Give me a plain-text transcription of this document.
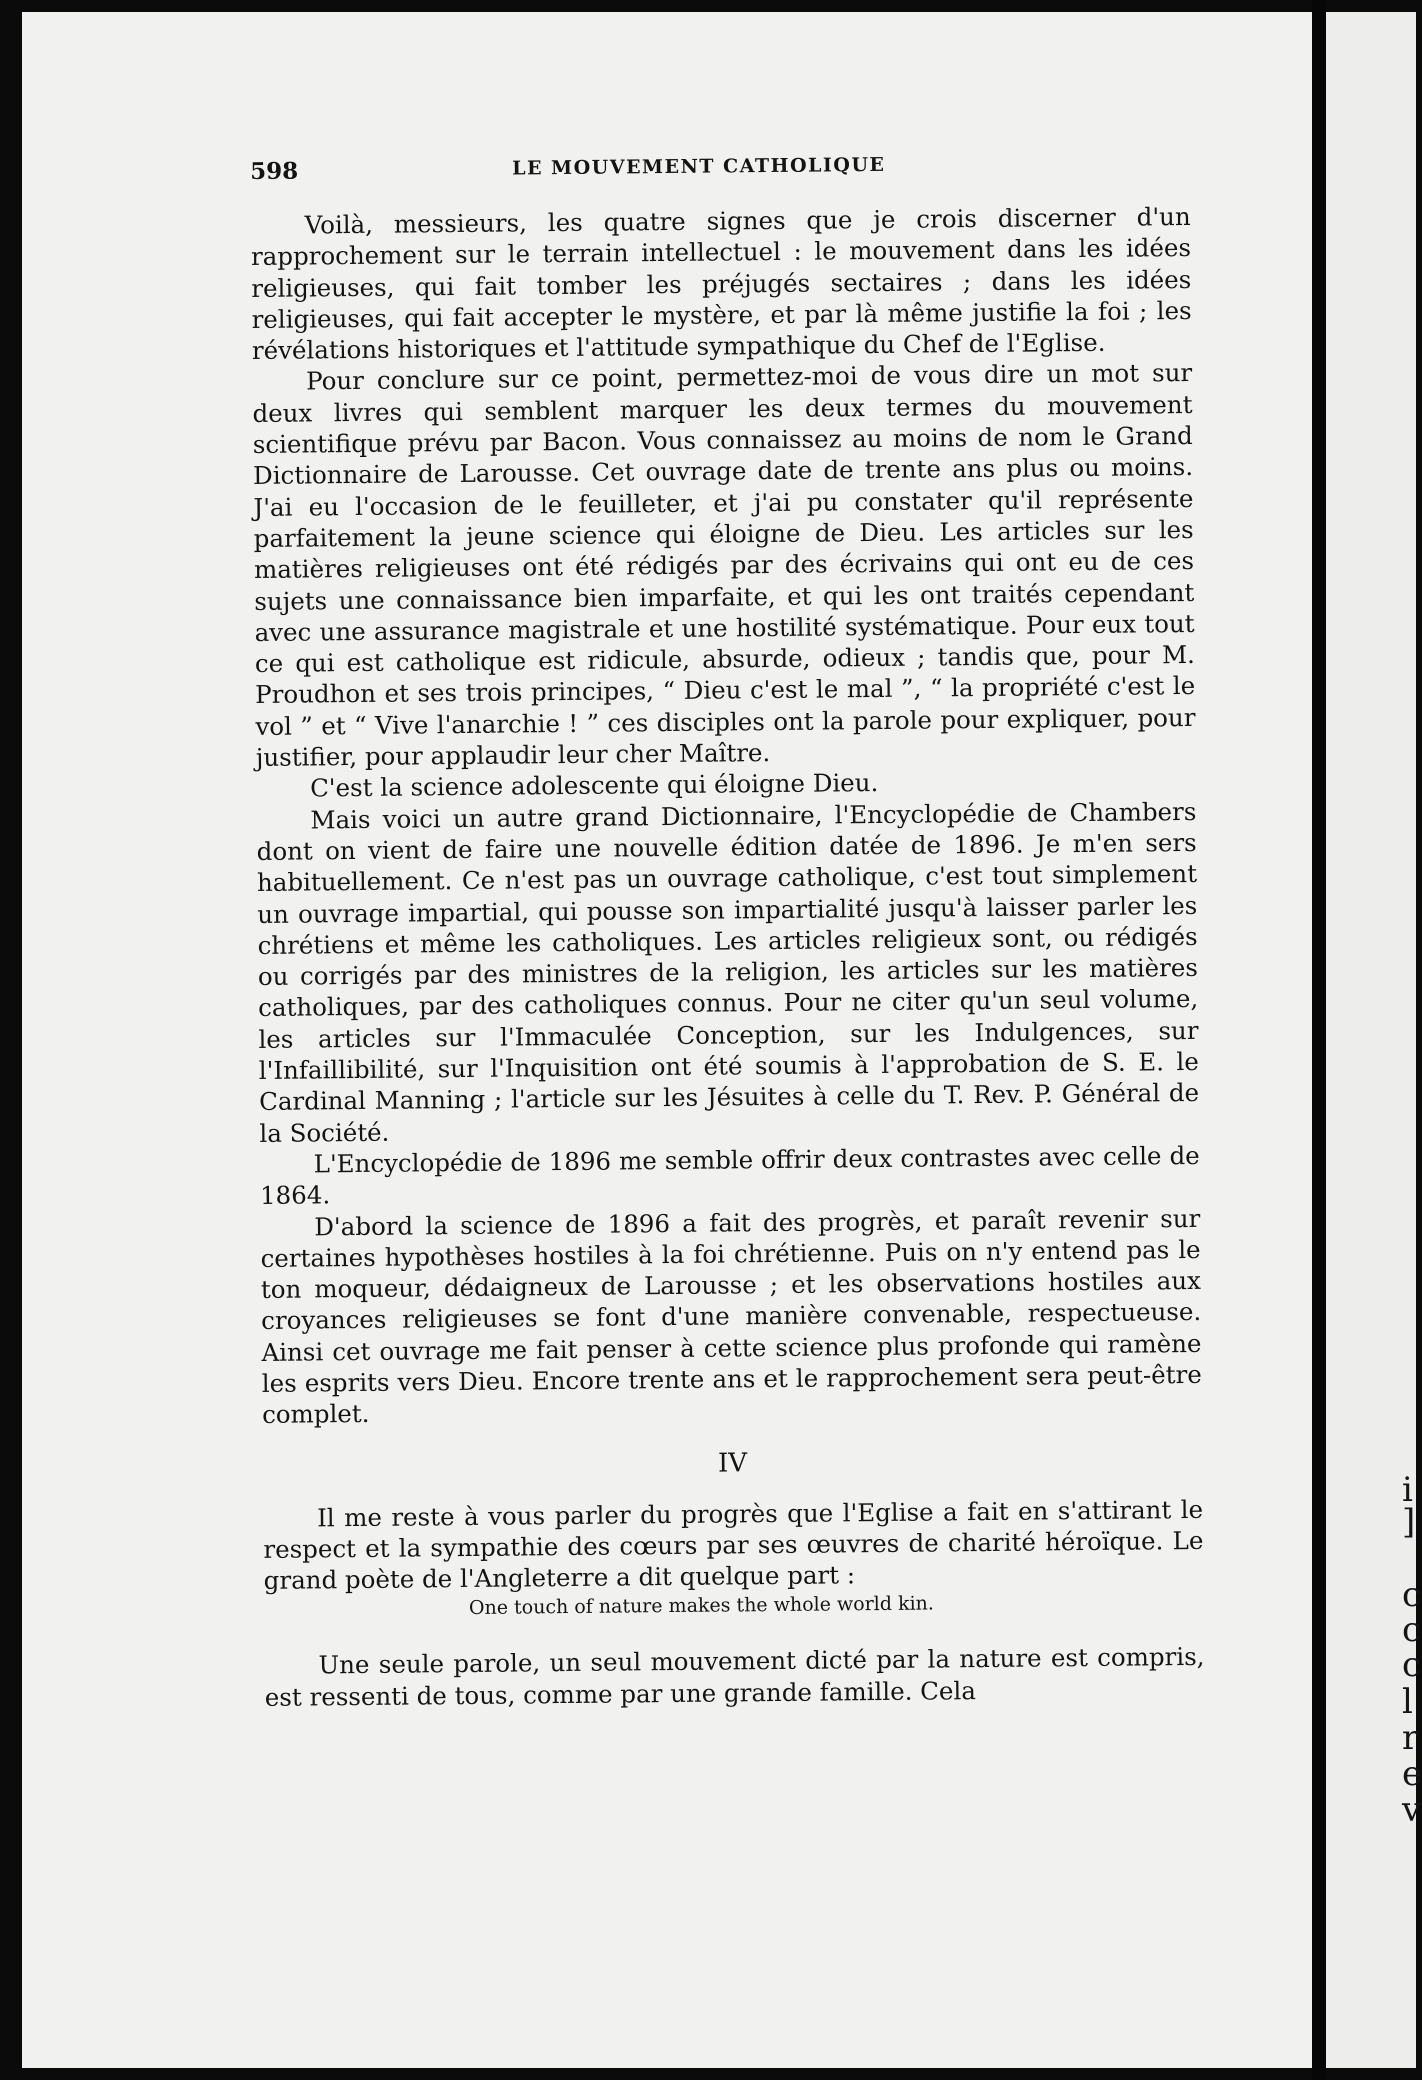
598	LE MOUVEMENT CATHOLIQUE

Voilà, messieurs, les quatre signes que je crois discerner d'un rapprochement sur le terrain intellectuel : le mouvement dans les idées religieuses, qui fait tomber les préjugés sectaires ; dans les idées religieuses, qui fait accepter le mystère, et par là même justifie la foi ; les révélations historiques et l'attitude sympathique du Chef de l'Eglise.

Pour conclure sur ce point, permettez-moi de vous dire un mot sur deux livres qui semblent marquer les deux termes du mouvement scientifique prévu par Bacon. Vous connaissez au moins de nom le Grand Dictionnaire de Larousse. Cet ouvrage date de trente ans plus ou moins. J'ai eu l'occasion de le feuilleter, et j'ai pu constater qu'il représente parfaitement la jeune science qui éloigne de Dieu. Les articles sur les matières religieuses ont été rédigés par des écrivains qui ont eu de ces sujets une connaissance bien imparfaite, et qui les ont traités cependant avec une assurance magistrale et une hostilité systématique. Pour eux tout ce qui est catholique est ridicule, absurde, odieux ; tandis que, pour M. Proudhon et ses trois principes, “ Dieu c'est le mal ”, “ la propriété c'est le vol ” et “ Vive l'anarchie ! ” ces disciples ont la parole pour expliquer, pour justifier, pour applaudir leur cher Maître.

C'est la science adolescente qui éloigne Dieu.

Mais voici un autre grand Dictionnaire, l'Encyclopédie de Chambers dont on vient de faire une nouvelle édition datée de 1896. Je m'en sers habituellement. Ce n'est pas un ouvrage catholique, c'est tout simplement un ouvrage impartial, qui pousse son impartialité jusqu'à laisser parler les chrétiens et même les catholiques. Les articles religieux sont, ou rédigés ou corrigés par des ministres de la religion, les articles sur les matières catholiques, par des catholiques connus. Pour ne citer qu'un seul volume, les articles sur l'Immaculée Conception, sur les Indulgences, sur l'Infaillibilité, sur l'Inquisition ont été soumis à l'approbation de S. E. le Cardinal Manning ; l'article sur les Jésuites à celle du T. Rev. P. Général de la Société.

L'Encyclopédie de 1896 me semble offrir deux contrastes avec celle de 1864.

D'abord la science de 1896 a fait des progrès, et paraît revenir sur certaines hypothèses hostiles à la foi chrétienne. Puis on n'y entend pas le ton moqueur, dédaigneux de Larousse ; et les observations hostiles aux croyances religieuses se font d'une manière convenable, respectueuse. Ainsi cet ouvrage me fait penser à cette science plus profonde qui ramène les esprits vers Dieu. Encore trente ans et le rapprochement sera peut-être complet.

IV

Il me reste à vous parler du progrès que l'Eglise a fait en s'attirant le respect et la sympathie des cœurs par ses œuvres de charité héroïque. Le grand poète de l'Angleterre a dit quelque part :

One touch of nature makes the whole world kin.

Une seule parole, un seul mouvement dicté par la nature est compris, est ressenti de tous, comme par une grande famille. Cela

i
]
c
c
c
l
r
e
v
